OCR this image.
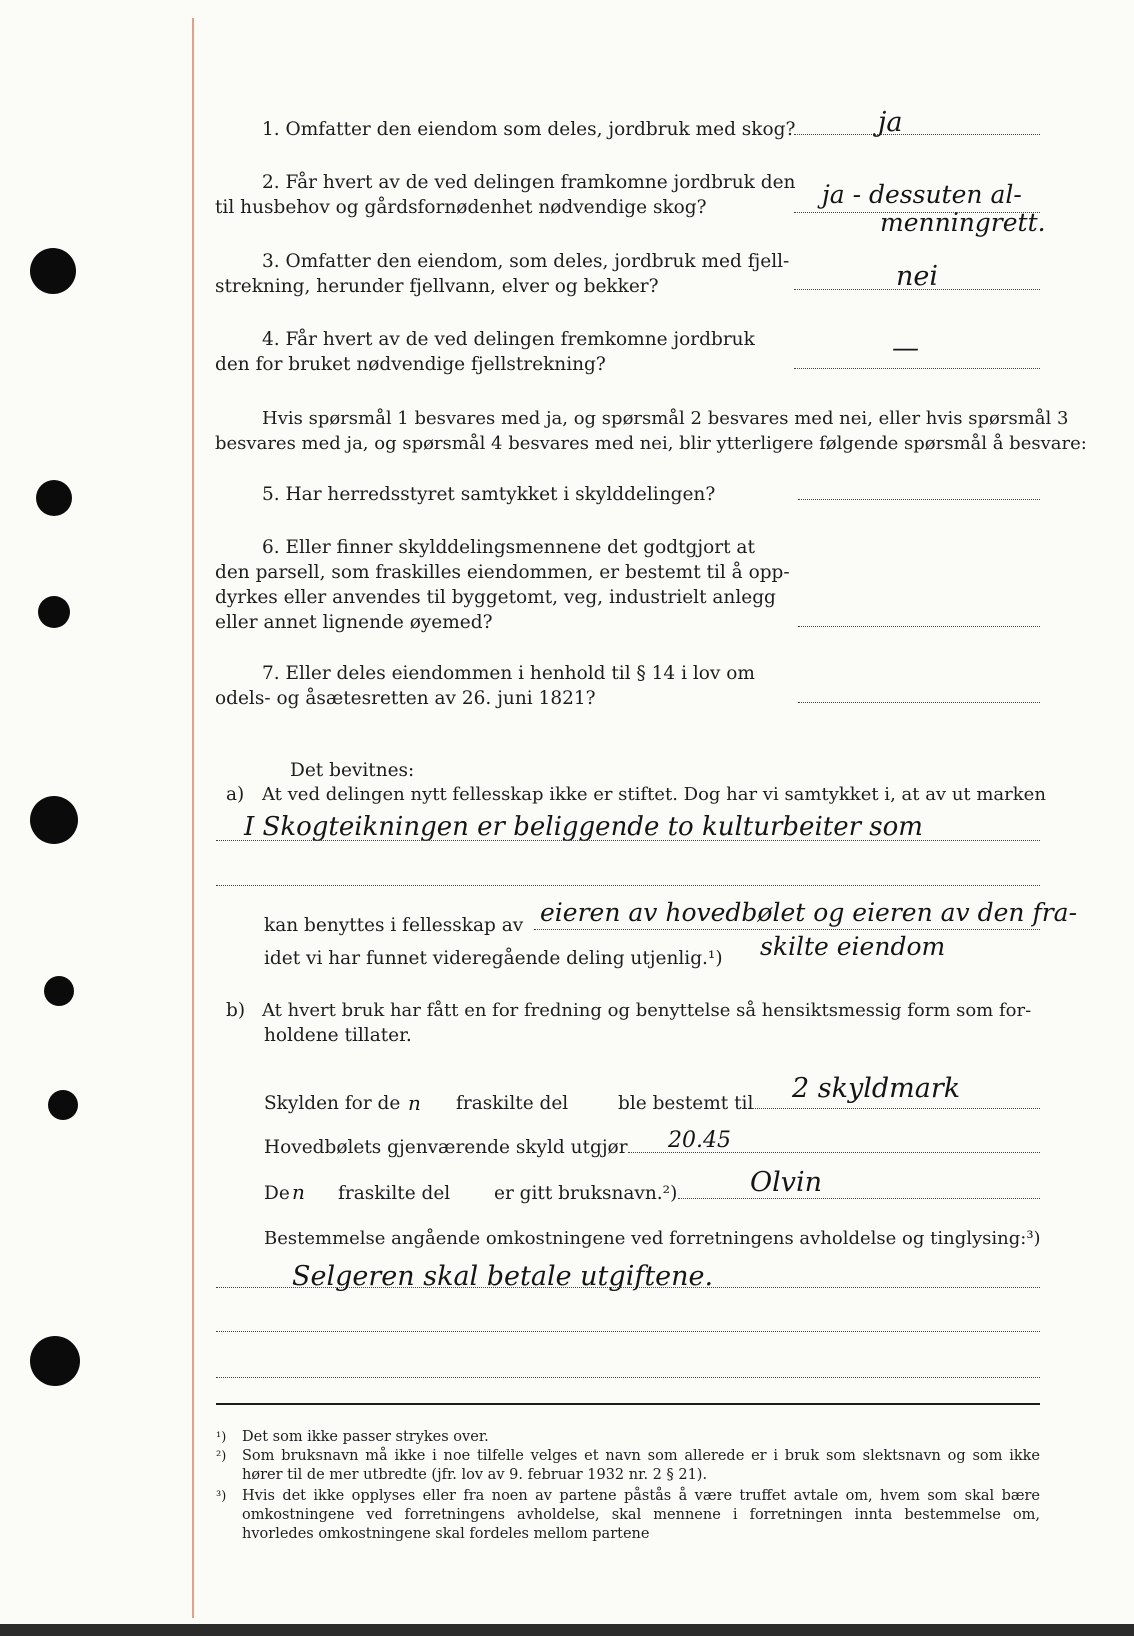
1. Omfatter den eiendom som deles, jordbruk med skog?	ja
2. Får hvert av de ved delingen framkomne jordbruk den
til husbehov og gårdsfornødenhet nødvendige skog?	ja - dessuten al-
menningrett.
3. Omfatter den eiendom, som deles, jordbruk med fjell-
strekning, herunder fjellvann, elver og bekker?	nei
4. Får hvert av de ved delingen fremkomne jordbruk
den for bruket nødvendige fjellstrekning?
—
Hvis spørsmål 1 besvares med ja, og spørsmål 2 besvares med nei, eller hvis spørsmål 3
besvares med ja, og spørsmål 4 besvares med nei, blir ytterligere følgende spørsmål å besvare:
5. Har herredsstyret samtykket i skylddelingen?
6. Eller finner skylddelingsmennene det godtgjort at
den parsell, som fraskilles eiendommen, er bestemt til å opp-
dyrkes eller anvendes til byggetomt, veg, industrielt anlegg
eller annet lignende øyemed?
7. Eller deles eiendommen i henhold til § 14 i lov om
odels- og åsætesretten av 26. juni 1821?
Det bevitnes:
a) At ved delingen nytt fellesskap ikke er stiftet. Dog har vi samtykket i, at av ut marken
I Skogteikningen er beliggende to kulturbeiter som
kan benyttes i fellesskap av eieren av hovedbølet og eieren av den fra-
idet vi har funnet videregående deling utjenlig.¹) skilte eiendom
b) At hvert bruk har fått en for fredning og benyttelse så hensiktsmessig form som for-
holdene tillater.
Skylden for de n fraskilte del	ble bestemt til 2 skyldmark
Hovedbølets gjenværende skyld utgjør 20.45
De n fraskilte del er gitt bruksnavn.²)	Olvin
Bestemmelse angående omkostningene ved forretningens avholdelse og tinglysing:³)
Selgeren skal betale utgiftene.
¹) Det som ikke passer strykes over.
²) Som bruksnavn må ikke i noe tilfelle velges et navn som allerede er i bruk som slektsnavn og som ikke hører til de mer utbredte (jfr. lov av 9. februar 1932 nr. 2 § 21).
³) Hvis det ikke opplyses eller fra noen av partene påstås å være truffet avtale om, hvem som skal bære omkostningene ved forretningens avholdelse, skal mennene i forretningen innta bestemmelse om, hvorledes omkostningene skal fordeles mellom partene
